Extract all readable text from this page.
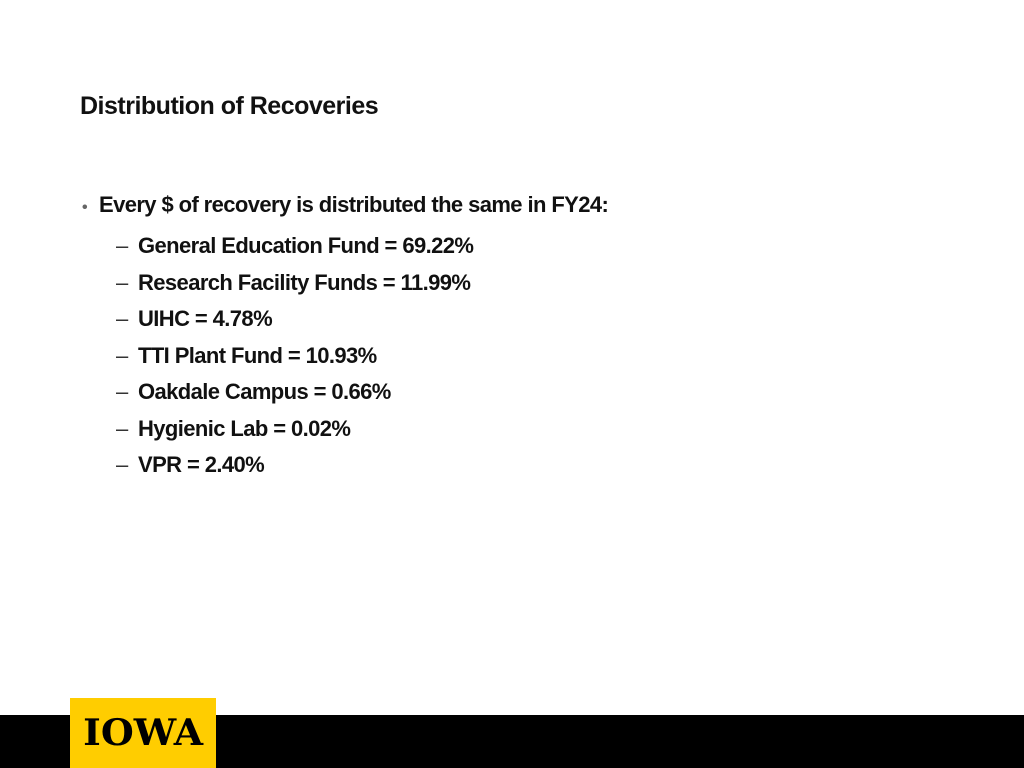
Distribution of Recoveries
• Every $ of recovery is distributed the same in FY24:
– General Education Fund = 69.22%
– Research Facility Funds = 11.99%
– UIHC = 4.78%
– TTI Plant Fund = 10.93%
– Oakdale Campus = 0.66%
– Hygienic Lab = 0.02%
– VPR = 2.40%
IOWA
